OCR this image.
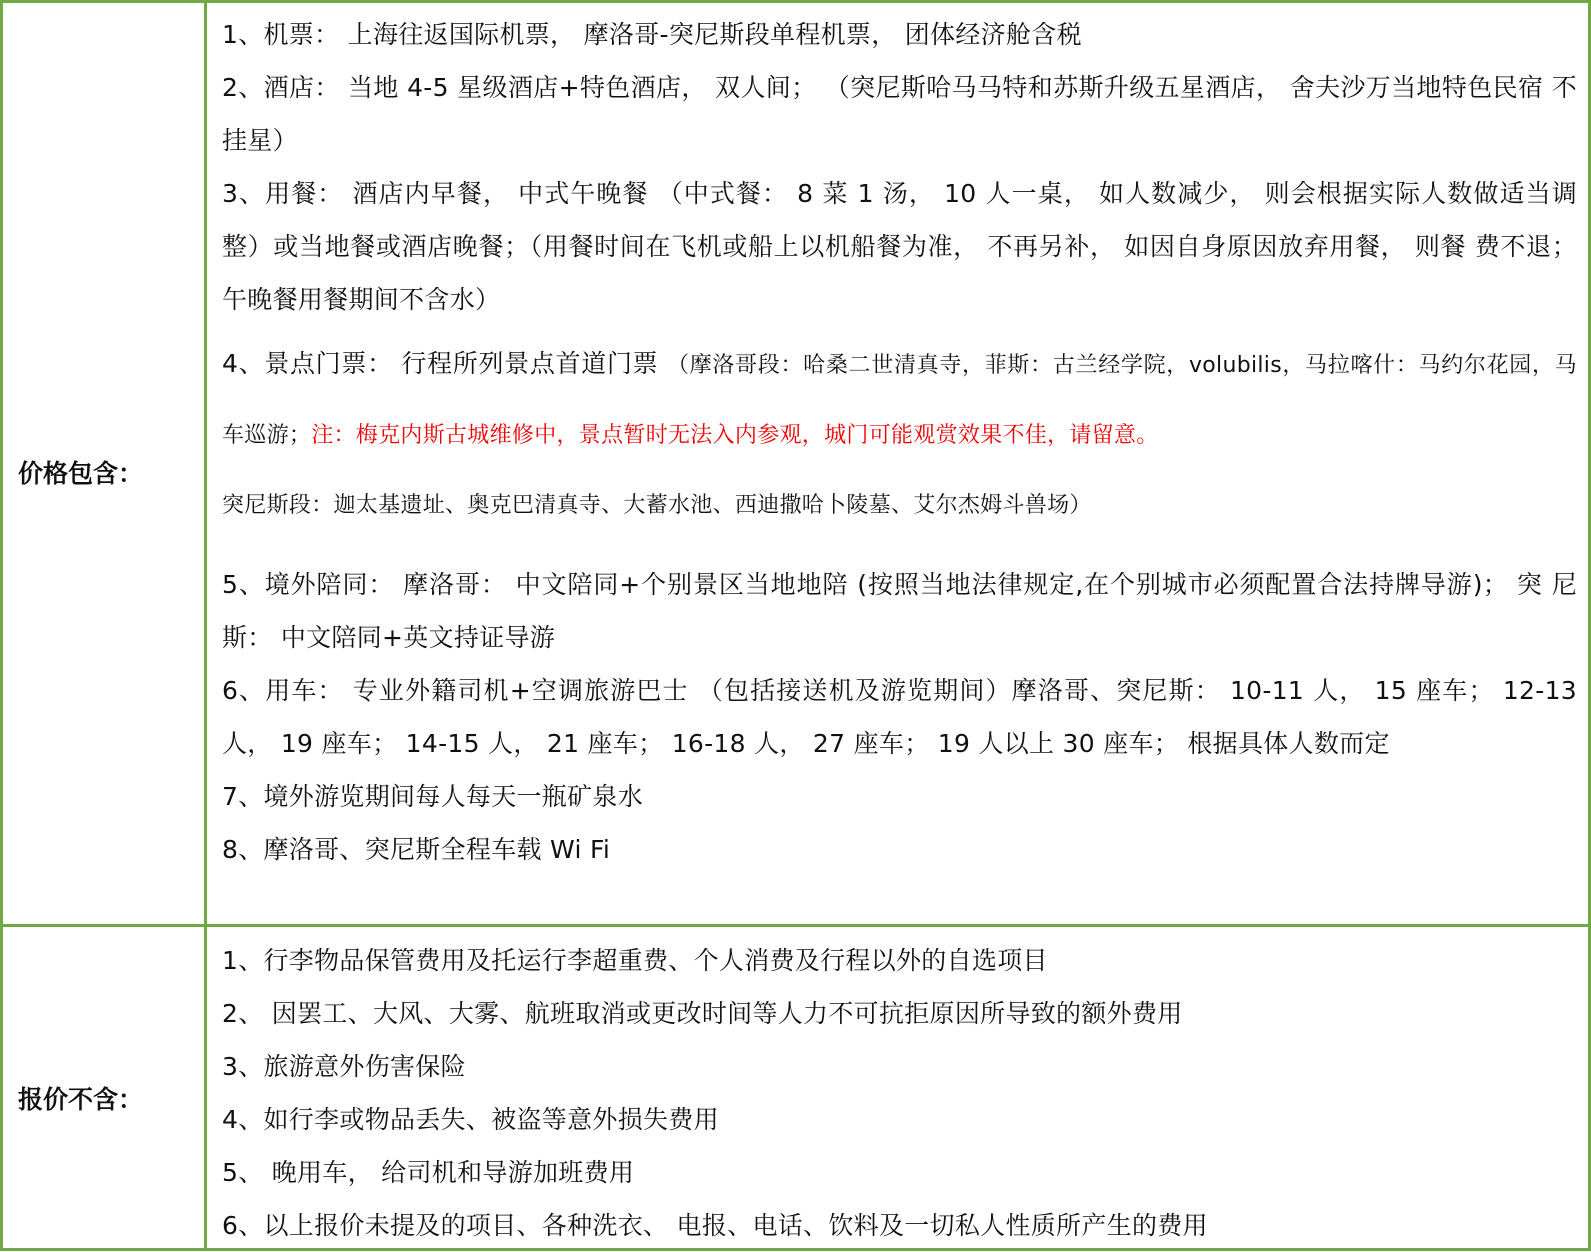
价格包含：
报价不含：

1、机票： 上海往返国际机票， 摩洛哥-突尼斯段单程机票， 团体经济舱含税

2、酒店： 当地 4-5 星级酒店+特色酒店， 双人间； （突尼斯哈马马特和苏斯升级五星酒店， 舍夫沙万当地特色民宿 不挂星）

3、用餐： 酒店内早餐， 中式午晚餐 （中式餐： 8 菜 1 汤， 10 人一桌， 如人数减少， 则会根据实际人数做适当调 整）或当地餐或酒店晚餐；（用餐时间在飞机或船上以机船餐为准， 不再另补， 如因自身原因放弃用餐， 则餐 费不退； 午晚餐用餐期间不含水）

4、景点门票： 行程所列景点首道门票 （摩洛哥段：哈桑二世清真寺，菲斯：古兰经学院，volubilis，马拉喀什：马约尔花园，马车巡游；注：梅克内斯古城维修中，景点暂时无法入内参观，城门可能观赏效果不佳，请留意。
突尼斯段：迦太基遗址、奥克巴清真寺、大蓄水池、西迪撒哈卜陵墓、艾尔杰姆斗兽场）

5、境外陪同： 摩洛哥： 中文陪同+个别景区当地地陪 (按照当地法律规定,在个别城市必须配置合法持牌导游)； 突 尼斯： 中文陪同+英文持证导游

6、用车： 专业外籍司机+空调旅游巴士 （包括接送机及游览期间）摩洛哥、突尼斯： 10-11 人， 15 座车； 12-13 人， 19 座车； 14-15 人， 21 座车； 16-18 人， 27 座车； 19 人以上 30 座车； 根据具体人数而定

7、境外游览期间每人每天一瓶矿泉水

8、摩洛哥、突尼斯全程车载 Wi Fi

1、行李物品保管费用及托运行李超重费、个人消费及行程以外的自选项目

2、 因罢工、大风、大雾、航班取消或更改时间等人力不可抗拒原因所导致的额外费用

3、旅游意外伤害保险

4、如行李或物品丢失、被盗等意外损失费用

5、 晚用车， 给司机和导游加班费用

6、以上报价未提及的项目、各种洗衣、 电报、电话、饮料及一切私人性质所产生的费用
